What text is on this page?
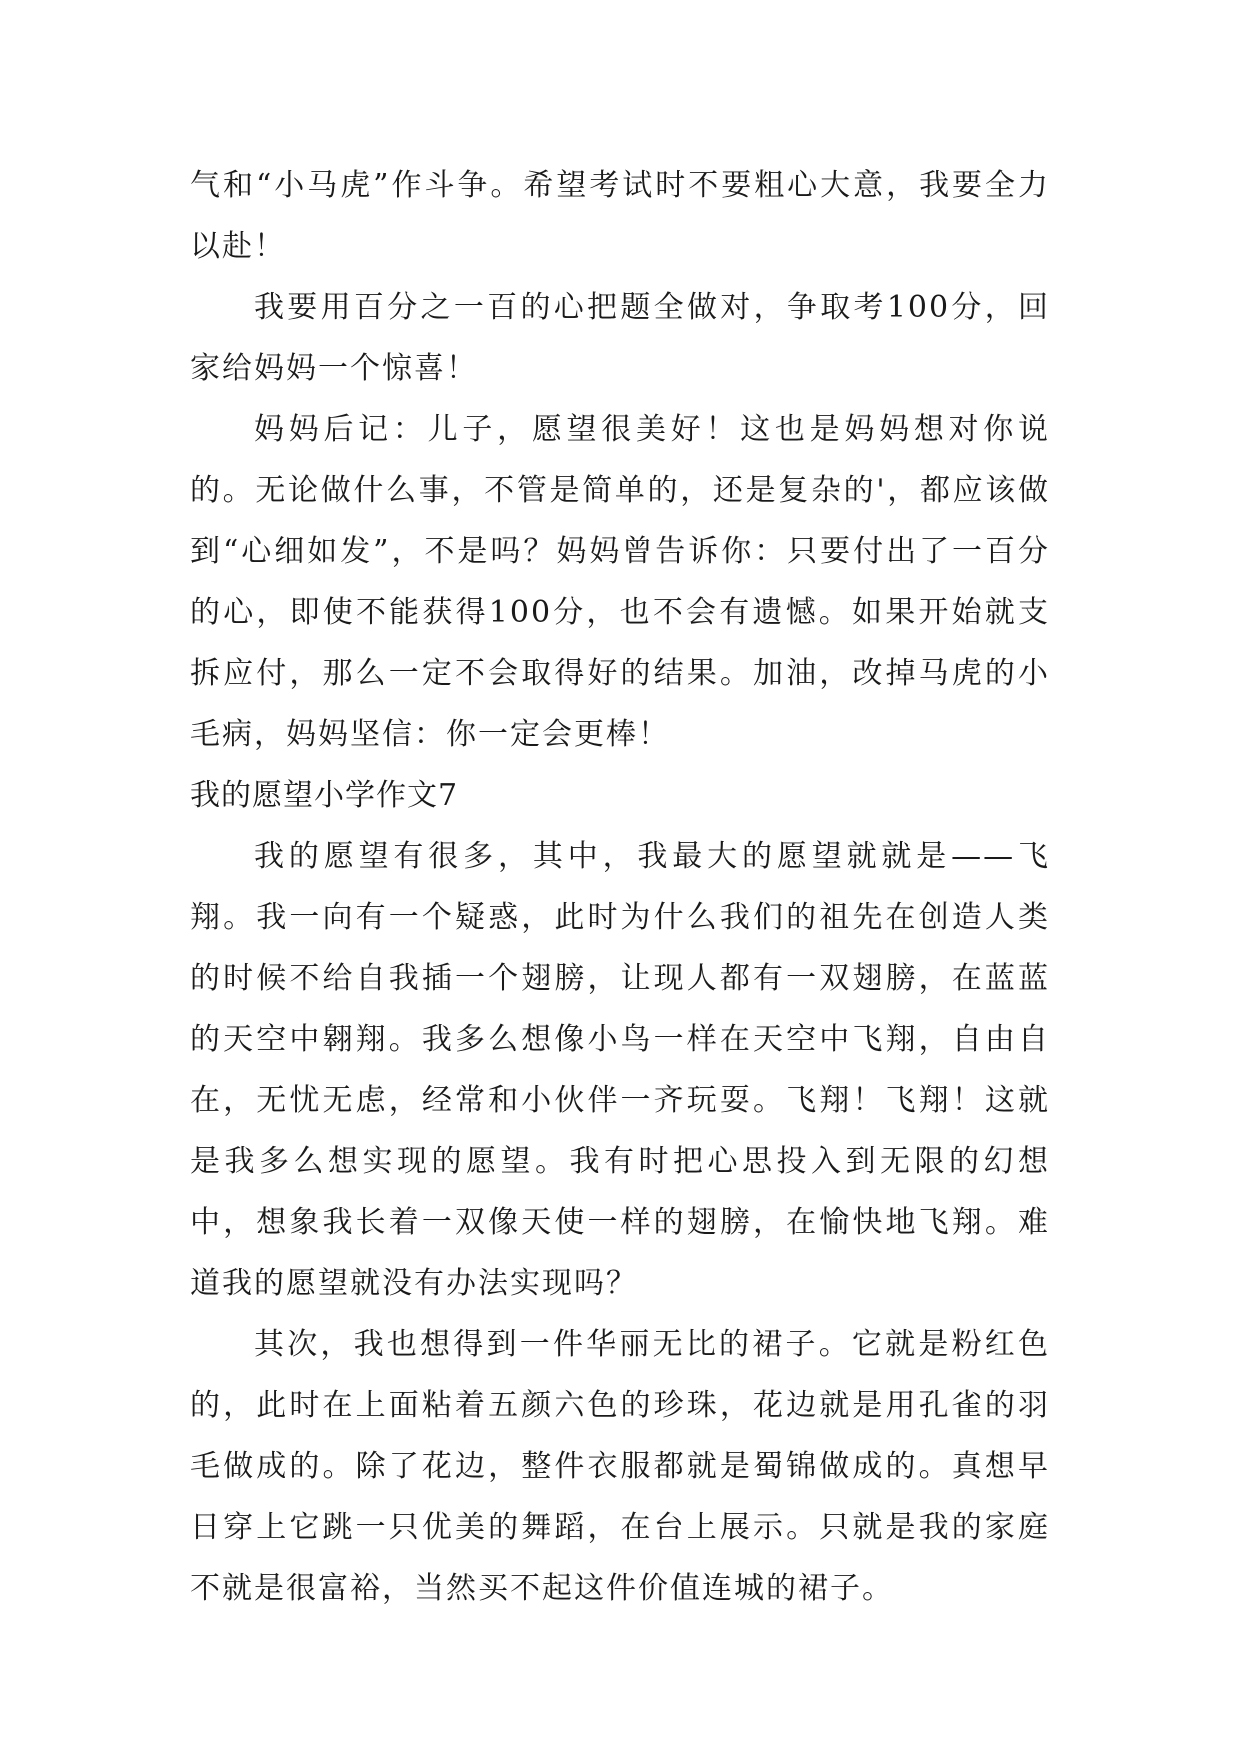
气和“小马虎”作斗争。希望考试时不要粗心大意，我要全力以赴！

我要用百分之一百的心把题全做对，争取考100分，回家给妈妈一个惊喜！

妈妈后记：儿子，愿望很美好！这也是妈妈想对你说的。无论做什么事，不管是简单的，还是复杂的'，都应该做到“心细如发”，不是吗？妈妈曾告诉你：只要付出了一百分的心，即使不能获得100分，也不会有遗憾。如果开始就支拆应付，那么一定不会取得好的结果。加油，改掉马虎的小毛病，妈妈坚信：你一定会更棒！

我的愿望小学作文7

我的愿望有很多，其中，我最大的愿望就就是——飞翔。我一向有一个疑惑，此时为什么我们的祖先在创造人类的时候不给自我插一个翅膀，让现人都有一双翅膀，在蓝蓝的天空中翱翔。我多么想像小鸟一样在天空中飞翔，自由自在，无忧无虑，经常和小伙伴一齐玩耍。飞翔！飞翔！这就是我多么想实现的愿望。我有时把心思投入到无限的幻想中，想象我长着一双像天使一样的翅膀，在愉快地飞翔。难道我的愿望就没有办法实现吗？

其次，我也想得到一件华丽无比的裙子。它就是粉红色的，此时在上面粘着五颜六色的珍珠，花边就是用孔雀的羽毛做成的。除了花边，整件衣服都就是蜀锦做成的。真想早日穿上它跳一只优美的舞蹈，在台上展示。只就是我的家庭不就是很富裕，当然买不起这件价值连城的裙子。
